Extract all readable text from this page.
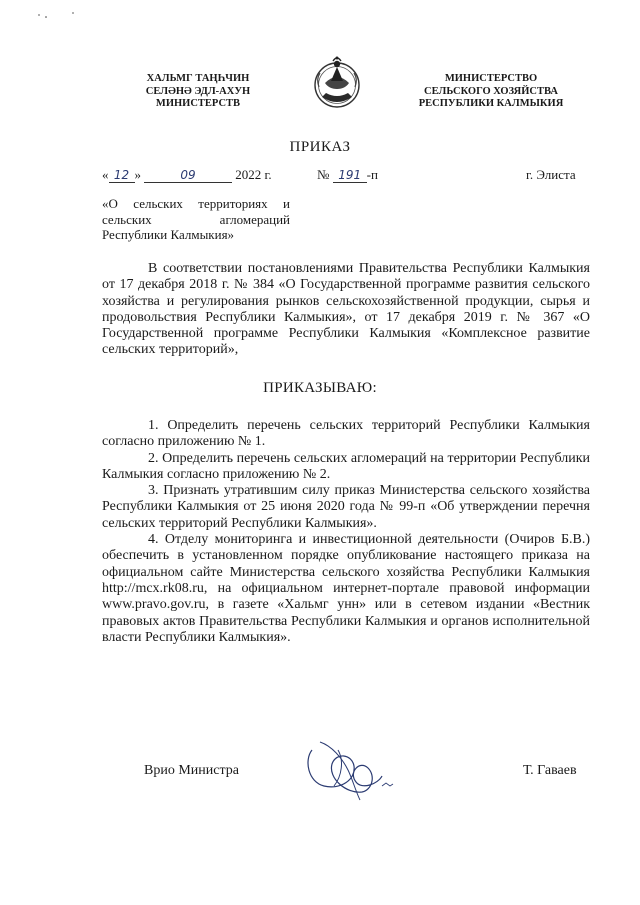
ХАЛЬМГ ТАҢҺЧИН
СЕЛӘНӘ ЭДЛ-АХУН
МИНИСТЕРСТВ
МИНИСТЕРСТВО
СЕЛЬСКОГО ХОЗЯЙСТВА
РЕСПУБЛИКИ КАЛМЫКИЯ
ПРИКАЗ
« 12 »	09	2022 г.	№ 191 -п	г. Элиста
«О сельских территориях и
сельских агломераций
Республики Калмыкия»

В соответствии постановлениями Правительства Республики Калмыкия от 17 декабря 2018 г. № 384 «О Государственной программе развития сельского хозяйства и регулирования рынков сельскохозяйственной продукции, сырья и продовольствия Республики Калмыкия», от 17 декабря 2019 г. № 367 «О Государственной программе Республики Калмыкия «Комплексное развитие сельских территорий»,

ПРИКАЗЫВАЮ:

1. Определить перечень сельских территорий Республики Калмыкия согласно приложению № 1.

2. Определить перечень сельских агломераций на территории Республики Калмыкия согласно приложению № 2.

3. Признать утратившим силу приказ Министерства сельского хозяйства Республики Калмыкия от 25 июня 2020 года № 99-п «Об утверждении перечня сельских территорий Республики Калмыкия».

4. Отделу мониторинга и инвестиционной деятельности (Очиров Б.В.) обеспечить в установленном порядке опубликование настоящего приказа на официальном сайте Министерства сельского хозяйства Республики Калмыкия http://mcx.rk08.ru, на официальном интернет-портале правовой информации www.pravo.gov.ru, в газете «Хальмг унн» или в сетевом издании «Вестник правовых актов Правительства Республики Калмыкия и органов исполнительной власти Республики Калмыкия».

Врио Министра	Т. Гаваев
